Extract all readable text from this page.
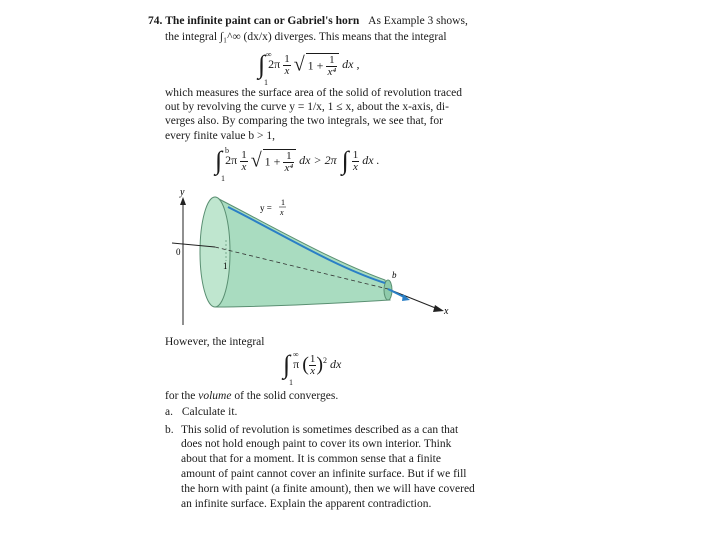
74. The infinite paint can or Gabriel's horn As Example 3 shows,
the integral ∫₁^∞ (dx/x) diverges. This means that the integral
∫ ∞
1
$2\pi \frac{1}{x}$ √ $1 + \frac{1}{\text{x⁴}}$ dx ,
which measures the surface area of the solid of revolution traced
out by revolving the curve y = 1/x, 1 ≤ x, about the x-axis, di-
verges also. By comparing the two integrals, we see that, for
every finite value b > 1,
∫ b
1
$2\pi \frac{1}{x}$ √ $1 + \frac{1}{\text{x⁴}}$ dx > 2π ∫ $\frac{1}{x}$ dx .
y
x
0
1
b
y =
1
x
However, the integral
∫ ∞
1
π ( $\frac{1}{x} )^2$ dx
for the volume of the solid converges.
a. Calculate it.
b. This solid of revolution is sometimes described as a can that
does not hold enough paint to cover its own interior. Think
about that for a moment. It is common sense that a finite
amount of paint cannot cover an infinite surface. But if we fill
the horn with paint (a finite amount), then we will have covered
an infinite surface. Explain the apparent contradiction.
